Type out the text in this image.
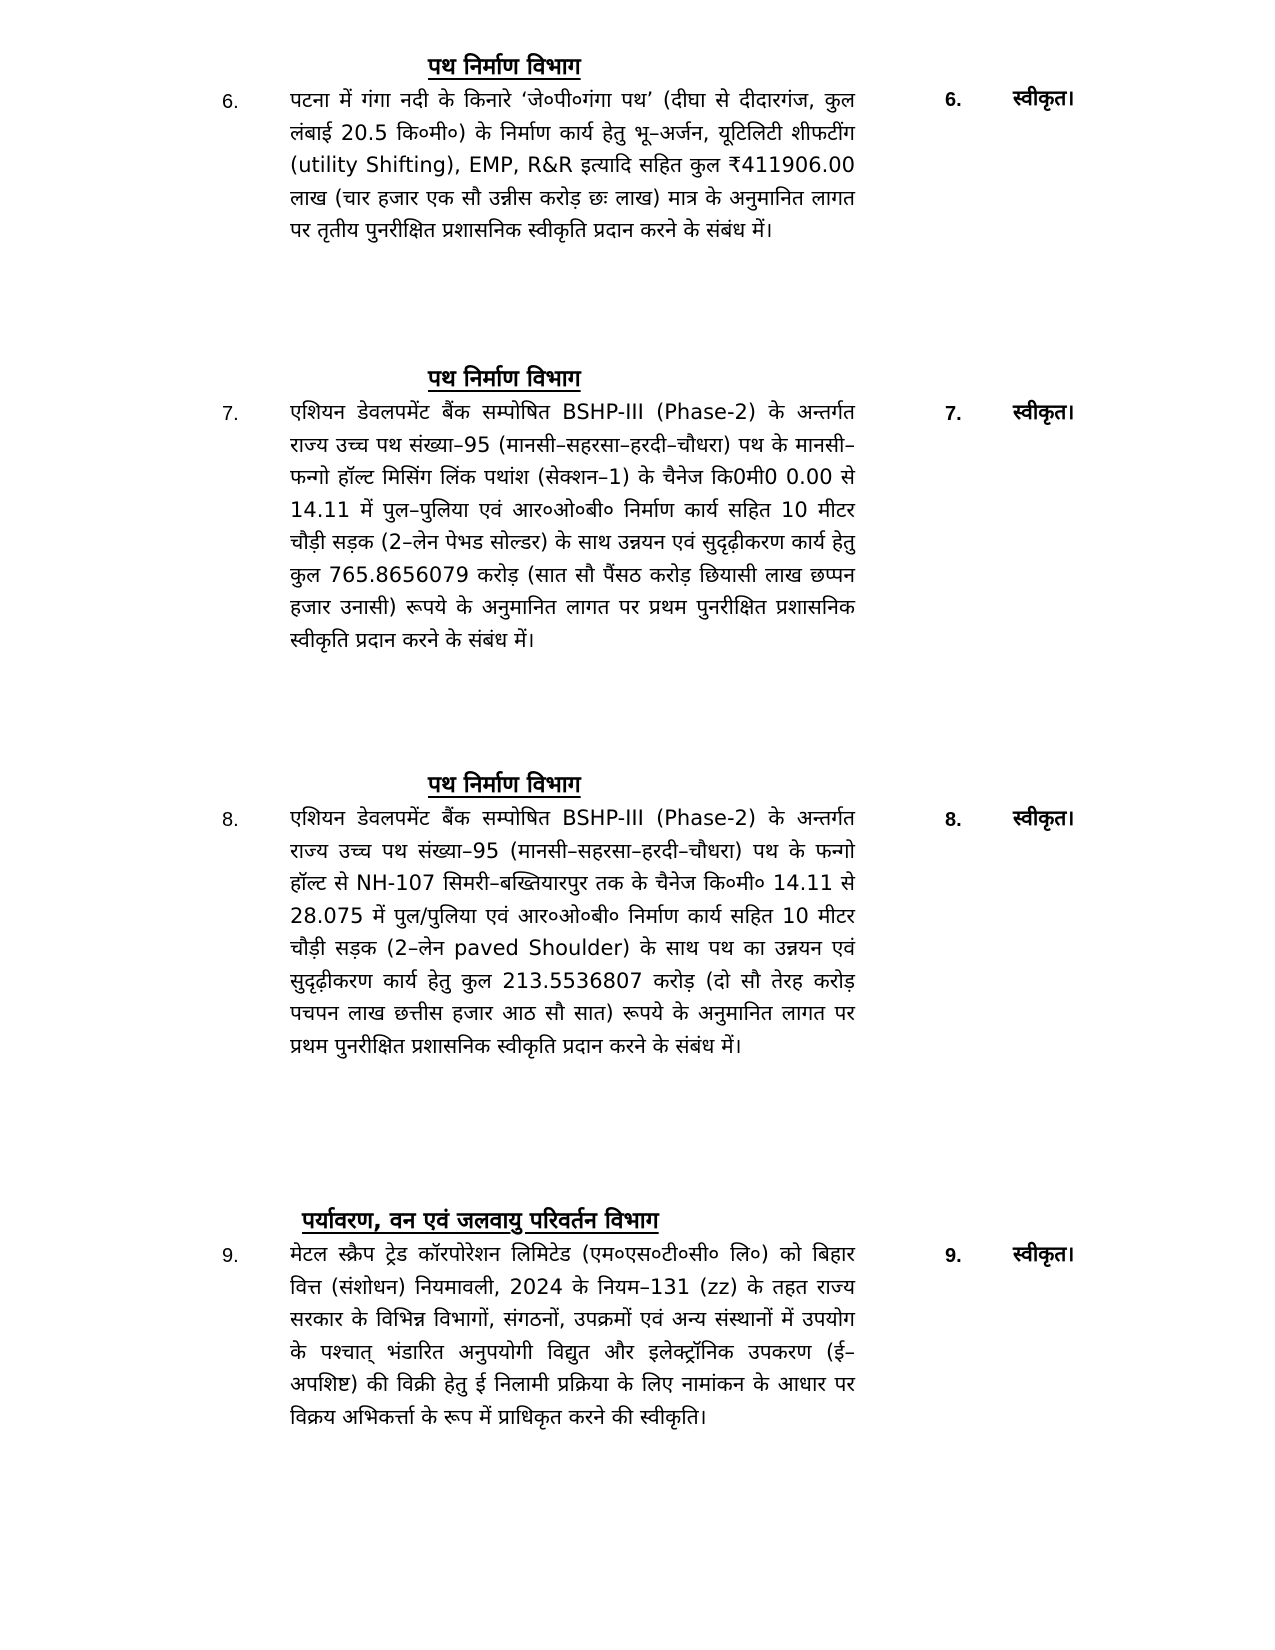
पथ निर्माण विभाग
6. पटना में गंगा नदी के किनारे ‘जे०पी०गंगा पथ’ (दीघा से दीदारगंज, कुल लंबाई 20.5 कि०मी०) के निर्माण कार्य हेतु भू–अर्जन, यूटिलिटी शीफटींग (utility Shifting), EMP, R&R इत्यादि सहित कुल ₹411906.00 लाख (चार हजार एक सौ उन्नीस करोड़ छः लाख) मात्र के अनुमानित लागत पर तृतीय पुनरीक्षित प्रशासनिक स्वीकृति प्रदान करने के संबंध में।
6. स्वीकृत।
पथ निर्माण विभाग
7. एशियन डेवलपमेंट बैंक सम्पोषित BSHP-III (Phase-2) के अन्तर्गत राज्य उच्च पथ संख्या–95 (मानसी–सहरसा–हरदी–चौधरा) पथ के मानसी–फन्गो हॉल्ट मिसिंग लिंक पथांश (सेक्शन–1) के चैनेज कि0मी0 0.00 से 14.11 में पुल–पुलिया एवं आर०ओ०बी० निर्माण कार्य सहित 10 मीटर चौड़ी सड़क (2–लेन पेभड सोल्डर) के साथ उन्नयन एवं सुदृढ़ीकरण कार्य हेतु कुल 765.8656079 करोड़ (सात सौ पैंसठ करोड़ छियासी लाख छप्पन हजार उनासी) रूपये के अनुमानित लागत पर प्रथम पुनरीक्षित प्रशासनिक स्वीकृति प्रदान करने के संबंध में।
7. स्वीकृत।
पथ निर्माण विभाग
8. एशियन डेवलपमेंट बैंक सम्पोषित BSHP-III (Phase-2) के अन्तर्गत राज्य उच्च पथ संख्या–95 (मानसी–सहरसा–हरदी–चौधरा) पथ के फन्गो हॉल्ट से NH-107 सिमरी–बख्तियारपुर तक के चैनेज कि०मी० 14.11 से 28.075 में पुल/पुलिया एवं आर०ओ०बी० निर्माण कार्य सहित 10 मीटर चौड़ी सड़क (2–लेन paved Shoulder) के साथ पथ का उन्नयन एवं सुदृढ़ीकरण कार्य हेतु कुल 213.5536807 करोड़ (दो सौ तेरह करोड़ पचपन लाख छत्तीस हजार आठ सौ सात) रूपये के अनुमानित लागत पर प्रथम पुनरीक्षित प्रशासनिक स्वीकृति प्रदान करने के संबंध में।
8. स्वीकृत।
पर्यावरण, वन एवं जलवायु परिवर्तन विभाग
9. मेटल स्क्रैप ट्रेड कॉरपोरेशन लिमिटेड (एम०एस०टी०सी० लि०) को बिहार वित्त (संशोधन) नियमावली, 2024 के नियम–131 (zz) के तहत राज्य सरकार के विभिन्न विभागों, संगठनों, उपक्रमों एवं अन्य संस्थानों में उपयोग के पश्चात् भंडारित अनुपयोगी विद्युत और इलेक्ट्रॉनिक उपकरण (ई–अपशिष्ट) की विक्री हेतु ई निलामी प्रक्रिया के लिए नामांकन के आधार पर विक्रय अभिकर्त्ता के रूप में प्राधिकृत करने की स्वीकृति।
9. स्वीकृत।
